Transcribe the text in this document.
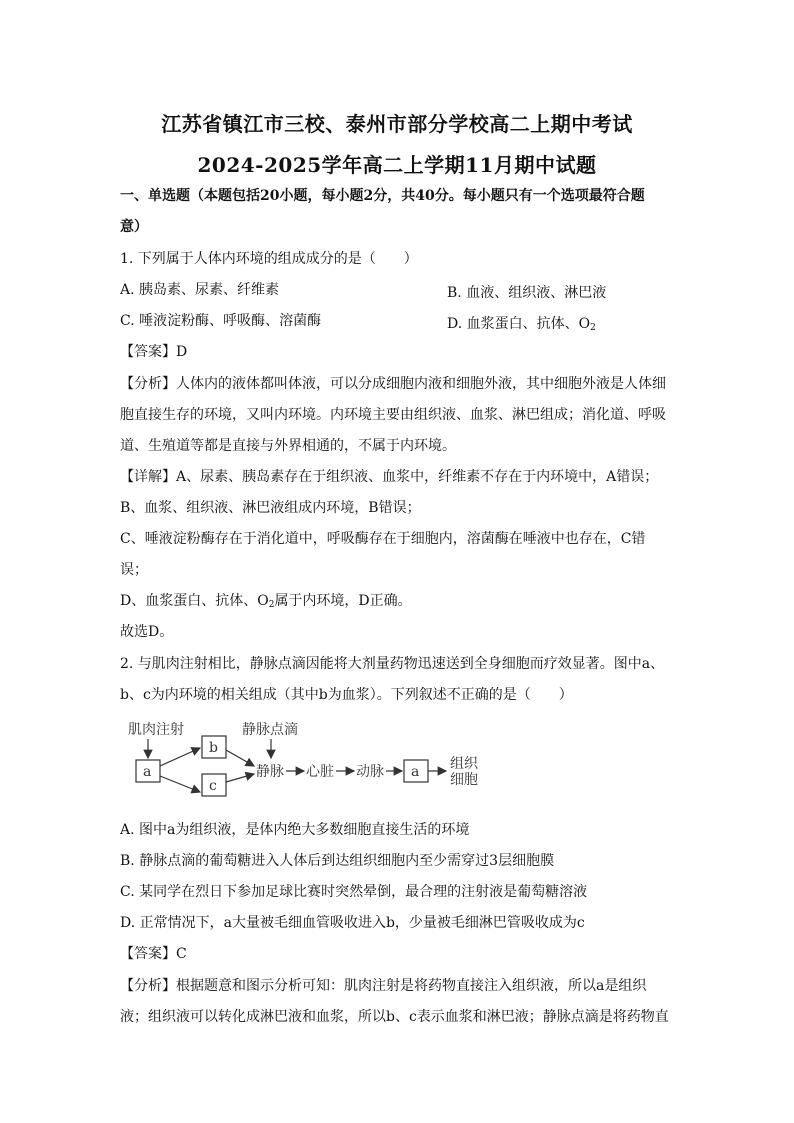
江苏省镇江市三校、泰州市部分学校高二上期中考试
2024-2025学年高二上学期11月期中试题
一、单选题（本题包括20小题，每小题2分，共40分。每小题只有一个选项最符合题
意）
1. 下列属于人体内环境的组成成分的是（　　）
A. 胰岛素、尿素、纤维素	B. 血液、组织液、淋巴液
C. 唾液淀粉酶、呼吸酶、溶菌酶	D. 血浆蛋白、抗体、$O_2$
【答案】D
【分析】人体内的液体都叫体液，可以分成细胞内液和细胞外液，其中细胞外液是人体细
胞直接生存的环境，又叫内环境。内环境主要由组织液、血浆、淋巴组成；消化道、呼吸
道、生殖道等都是直接与外界相通的，不属于内环境。
【详解】A、尿素、胰岛素存在于组织液、血浆中，纤维素不存在于内环境中，A错误；
B、血浆、组织液、淋巴液组成内环境，B错误；
C、唾液淀粉酶存在于消化道中，呼吸酶存在于细胞内，溶菌酶在唾液中也存在，C错
误；
D、血浆蛋白、抗体、$O_2$属于内环境，D正确。
故选D。
2. 与肌肉注射相比，静脉点滴因能将大剂量药物迅速送到全身细胞而疗效显著。图中a、
b、c为内环境的相关组成（其中b为血浆）。下列叙述不正确的是（　　）
肌肉注射
a
b
c
静脉点滴
静脉 心脏 动脉 a 组织
细胞
A. 图中a为组织液，是体内绝大多数细胞直接生活的环境
B. 静脉点滴的葡萄糖进入人体后到达组织细胞内至少需穿过3层细胞膜
C. 某同学在烈日下参加足球比赛时突然晕倒，最合理的注射液是葡萄糖溶液
D. 正常情况下，a大量被毛细血管吸收进入b，少量被毛细淋巴管吸收成为c
【答案】C
【分析】根据题意和图示分析可知：肌肉注射是将药物直接注入组织液，所以a是组织
液；组织液可以转化成淋巴液和血浆，所以b、c表示血浆和淋巴液；静脉点滴是将药物直
